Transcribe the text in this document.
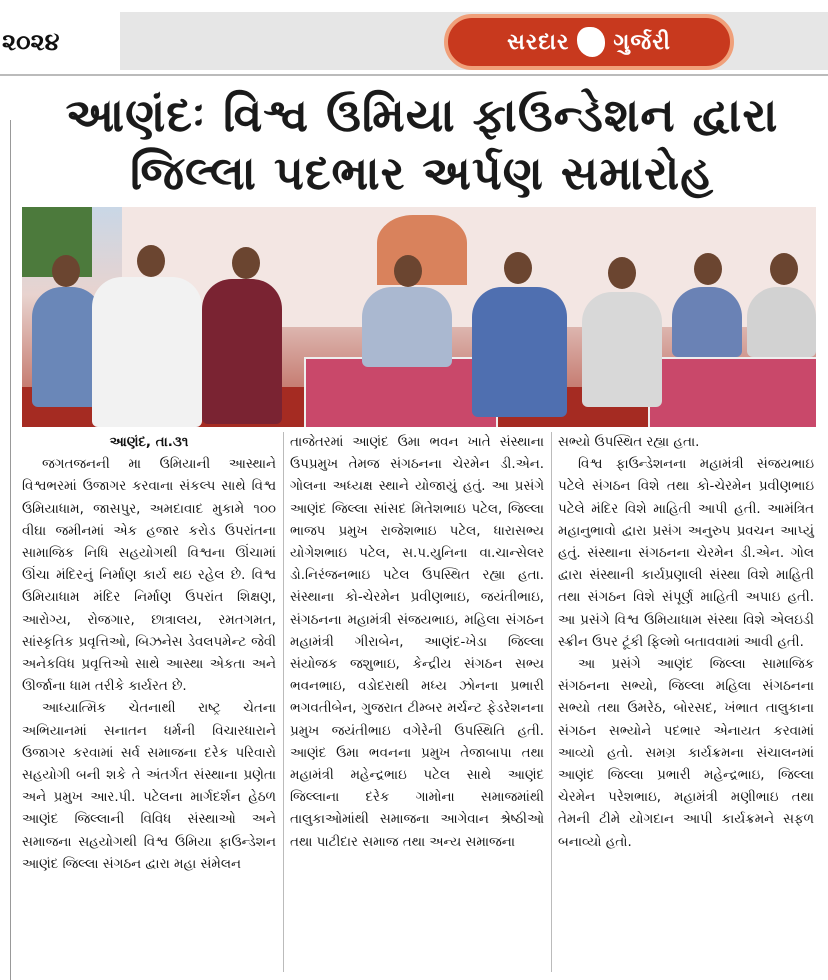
૨૦૨૪	સરદાર ગુર્જરી
આણંદઃ વિશ્વ ઉમિયા ફાઉન્ડેશન દ્વારા
જિલ્લા પદભાર અર્પણ સમારોહ

આણંદ, તા.૩૧

જગતજનની મા ઉમિયાની આસ્થાને વિશ્વભરમાં ઉજાગર કરવાના સંકલ્પ સાથે વિશ્વ ઉમિયાધામ, જાસપુર, અમદાવાદ મુકામે ૧૦૦ વીઘા જમીનમાં એક હજાર કરોડ ઉપરાંતના સામાજિક નિધિ સહયોગથી વિશ્વના ઊંચામાં ઊંચા મંદિરનું નિર્માણ કાર્ય થઇ રહેલ છે. વિશ્વ ઉમિયાધામ મંદિર નિર્માણ ઉપરાંત શિક્ષણ, આરોગ્ય, રોજગાર, છાત્રાલય, રમતગમત, સાંસ્કૃતિક પ્રવૃત્તિઓ, બિઝનેસ ડેવલપમેન્ટ જેવી અનેકવિધ પ્રવૃત્તિઓ સાથે આસ્થા એકતા અને ઊર્જાના ધામ તરીકે કાર્યરત છે.

આધ્યાત્મિક ચેતનાથી રાષ્ટ્ર ચેતના અભિયાનમાં સનાતન ધર્મની વિચારધારાને ઉજાગર કરવામાં સર્વ સમાજના દરેક પરિવારો સહયોગી બની શકે તે અંતર્ગત સંસ્થાના પ્રણેતા અને પ્રમુખ આર.પી. પટેલના માર્ગદર્શન હેઠળ આણંદ જિલ્લાની વિવિધ સંસ્થાઓ અને સમાજના સહયોગથી વિશ્વ ઉમિયા ફાઉન્ડેશન આણંદ જિલ્લા સંગઠન દ્વારા મહા સંમેલન

તાજેતરમાં આણંદ ઉમા ભવન ખાતે સંસ્થાના ઉપપ્રમુખ તેમજ સંગઠનના ચેરમેન ડી.એન. ગોલના અધ્યક્ષ સ્થાને યોજાયું હતું. આ પ્રસંગે આણંદ જિલ્લા સાંસદ મિતેશભાઇ પટેલ, જિલ્લા ભાજપ પ્રમુખ રાજેશભાઇ પટેલ, ધારાસભ્ય યોગેશભાઇ પટેલ, સ.પ.યુનિના વા.ચાન્સેલર ડો.નિરંજનભાઇ પટેલ ઉપસ્થિત રહ્યા હતા. સંસ્થાના કો-ચેરમેન પ્રવીણભાઇ, જયંતીભાઇ, સંગઠનના મહામંત્રી સંજયભાઇ, મહિલા સંગઠન મહામંત્રી ગીરાબેન, આણંદ-ખેડા જિલ્લા સંયોજક જશુભાઇ, કેન્દ્રીય સંગઠન સભ્ય ભવનભાઇ, વડોદરાથી મધ્ય ઝોનના પ્રભારી ભગવતીબેન, ગુજરાત ટીમ્બર મર્ચન્ટ ફેડરેશનના પ્રમુખ જયંતીભાઇ વગેરેની ઉપસ્થિતિ હતી. આણંદ ઉમા ભવનના પ્રમુખ તેજાબાપા તથા મહામંત્રી મહેન્દ્રભાઇ પટેલ સાથે આણંદ જિલ્લાના દરેક ગામોના સમાજમાંથી તાલુકાઓમાંથી સમાજના આગેવાન શ્રેષ્ઠીઓ તથા પાટીદાર સમાજ તથા અન્ય સમાજના

સભ્યો ઉપસ્થિત રહ્યા હતા.

વિશ્વ ફાઉન્ડેશનના મહામંત્રી સંજયભાઇ પટેલે સંગઠન વિશે તથા કો-ચેરમેન પ્રવીણભાઇ પટેલે મંદિર વિશે માહિતી આપી હતી. આમંત્રિત મહાનુભાવો દ્વારા પ્રસંગ અનુરુપ પ્રવચન આપ્યું હતું. સંસ્થાના સંગઠનના ચેરમેન ડી.એન. ગોલ દ્વારા સંસ્થાની કાર્યપ્રણાલી સંસ્થા વિશે માહિતી તથા સંગઠન વિશે સંપૂર્ણ માહિતી અપાઇ હતી. આ પ્રસંગે વિશ્વ ઉમિયાધામ સંસ્થા વિશે એલઇડી સ્ક્રીન ઉપર ટૂંકી ફિલ્મો બતાવવામાં આવી હતી.

આ પ્રસંગે આણંદ જિલ્લા સામાજિક સંગઠનના સભ્યો, જિલ્લા મહિલા સંગઠનના સભ્યો તથા ઉમરેઠ, બોરસદ, ખંભાત તાલુકાના સંગઠન સભ્યોને પદભાર એનાયત કરવામાં આવ્યો હતો. સમગ્ર કાર્યક્રમના સંચાલનમાં આણંદ જિલ્લા પ્રભારી મહેન્દ્રભાઇ, જિલ્લા ચેરમેન પરેશભાઇ, મહામંત્રી મણીભાઇ તથા તેમની ટીમે યોગદાન આપી કાર્યક્રમને સફળ બનાવ્યો હતો.
